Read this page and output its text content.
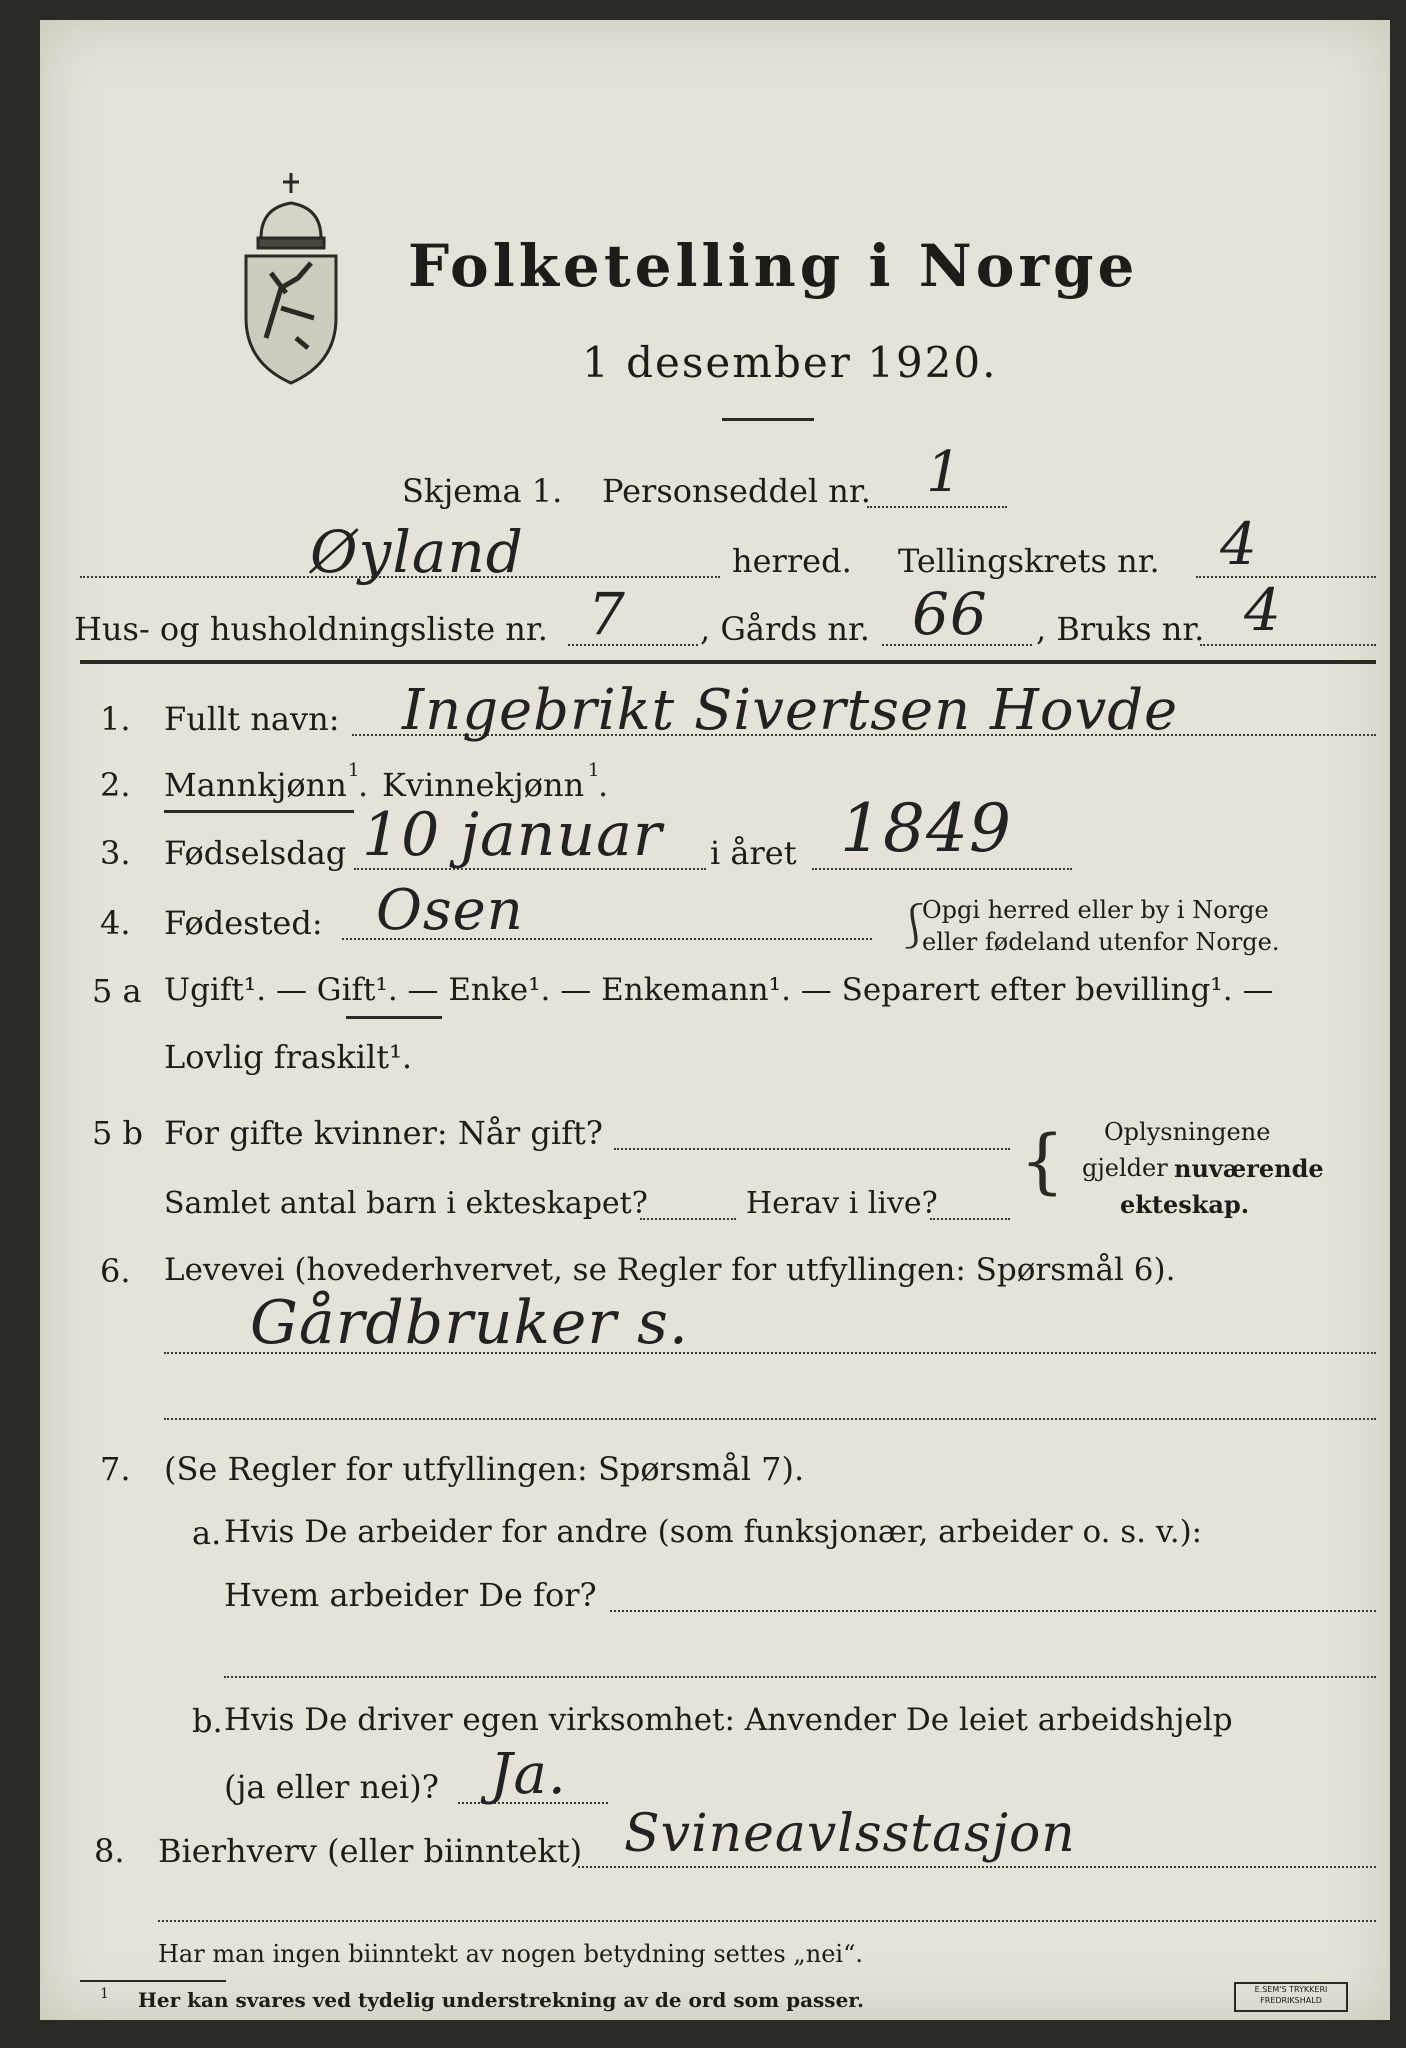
Folketelling i Norge
1 desember 1920.
Skjema 1. Personseddel nr. 1
Øyland	herred. Tellingskrets nr. 4
Hus- og husholdningsliste nr. 7 , Gårds nr. 66 , Bruks nr. 4
1. Fullt navn: Ingebrikt Sivertsen Hovde
2. Mannkjønn 1
. Kvinnekjønn 1
.
3. Fødselsdag 10 januar i året 1849
4. Fødested: Osen	⎰
Opgi herred eller by i Norge
eller fødeland utenfor Norge.
5 a Ugift¹. — Gift¹. — Enke¹. — Enkemann¹. — Separert efter bevilling¹. —
Lovlig fraskilt¹.
5 b For gifte kvinner: Når gift?
Samlet antal barn i ekteskapet?	Herav i live?
{ Oplysningene
gjelder nuværende
ekteskap.
6. Levevei (hovederhvervet, se Regler for utfyllingen: Spørsmål 6).
Gårdbruker s.
7. (Se Regler for utfyllingen: Spørsmål 7).
a. Hvis De arbeider for andre (som funksjonær, arbeider o. s. v.):
Hvem arbeider De for?
b. Hvis De driver egen virksomhet: Anvender De leiet arbeidshjelp
(ja eller nei)? Ja.
8. Bierhverv (eller biinntekt) Svineavlsstasjon
Har man ingen biinntekt av nogen betydning settes „nei“.
1 Her kan svares ved tydelig understrekning av de ord som passer.	E.SEM'S TRYKKERI FREDRIKSHALD
